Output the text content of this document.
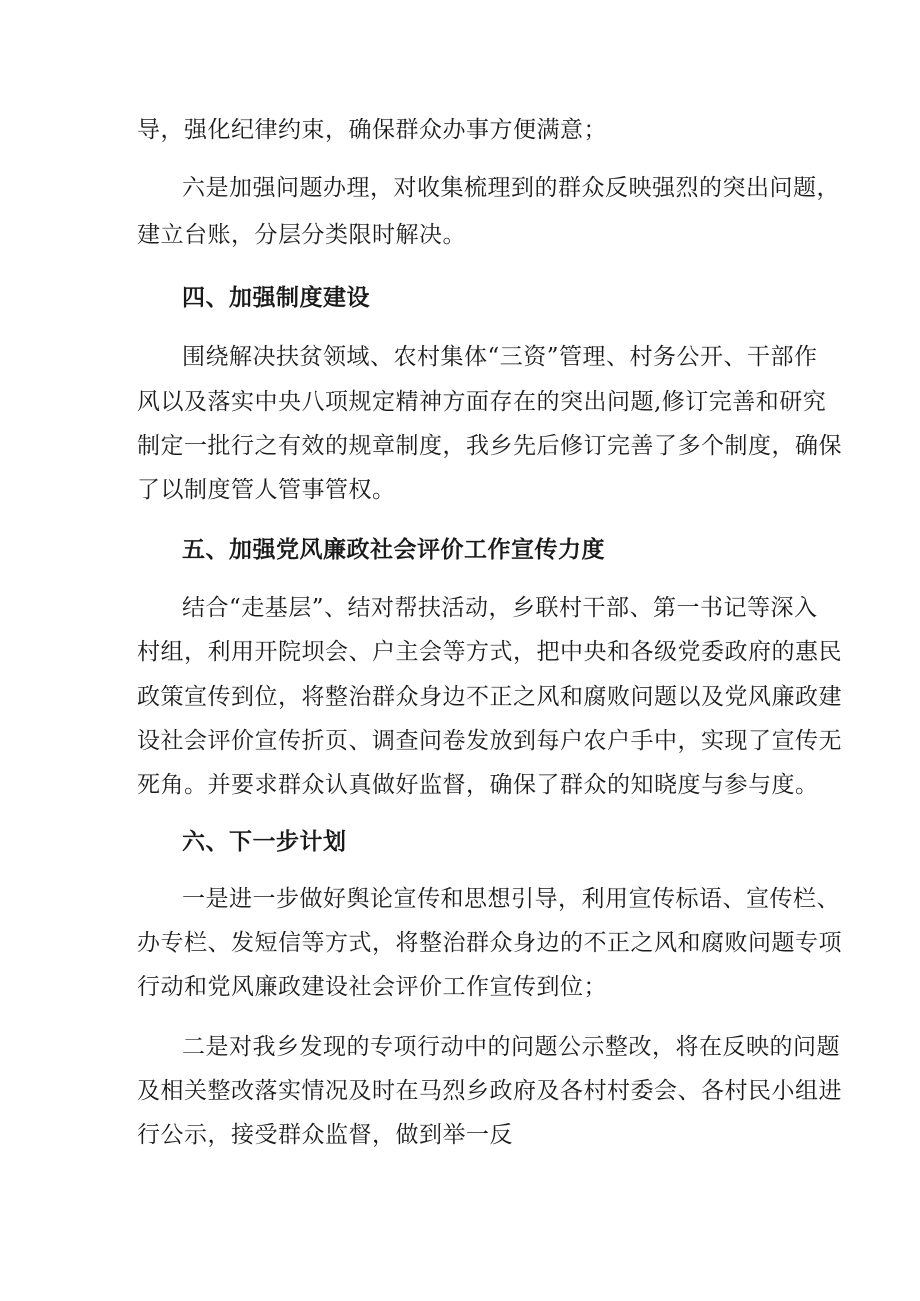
导，强化纪律约束，确保群众办事方便满意；
六是加强问题办理，对收集梳理到的群众反映强烈的突出问题，
建立台账，分层分类限时解决。
四、加强制度建设
围绕解决扶贫领域、农村集体“三资”管理、村务公开、干部作
风以及落实中央八项规定精神方面存在的突出问题,修订完善和研究
制定一批行之有效的规章制度，我乡先后修订完善了多个制度，确保
了以制度管人管事管权。
五、加强党风廉政社会评价工作宣传力度
结合“走基层”、结对帮扶活动，乡联村干部、第一书记等深入
村组，利用开院坝会、户主会等方式，把中央和各级党委政府的惠民
政策宣传到位，将整治群众身边不正之风和腐败问题以及党风廉政建
设社会评价宣传折页、调查问卷发放到每户农户手中，实现了宣传无
死角。并要求群众认真做好监督，确保了群众的知晓度与参与度。
六、下一步计划
一是进一步做好舆论宣传和思想引导，利用宣传标语、宣传栏、
办专栏、发短信等方式，将整治群众身边的不正之风和腐败问题专项
行动和党风廉政建设社会评价工作宣传到位；
二是对我乡发现的专项行动中的问题公示整改，将在反映的问题
及相关整改落实情况及时在马烈乡政府及各村村委会、各村民小组进
行公示，接受群众监督，做到举一反
